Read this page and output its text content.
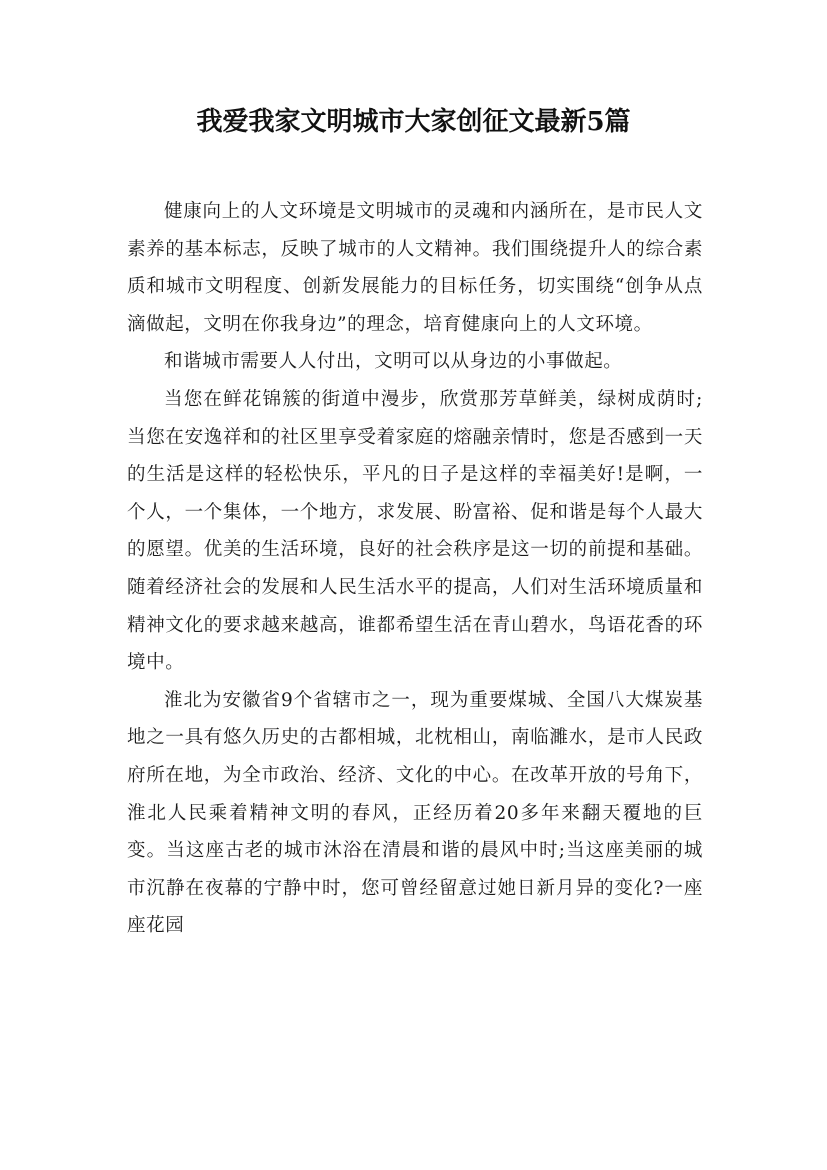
我爱我家文明城市大家创征文最新5篇

健康向上的人文环境是文明城市的灵魂和内涵所在，是市民人文素养的基本标志，反映了城市的人文精神。我们围绕提升人的综合素质和城市文明程度、创新发展能力的目标任务，切实围绕“创争从点滴做起，文明在你我身边”的理念，培育健康向上的人文环境。

和谐城市需要人人付出，文明可以从身边的小事做起。

当您在鲜花锦簇的街道中漫步，欣赏那芳草鲜美，绿树成荫时;当您在安逸祥和的社区里享受着家庭的熔融亲情时，您是否感到一天的生活是这样的轻松快乐，平凡的日子是这样的幸福美好!是啊，一个人，一个集体，一个地方，求发展、盼富裕、促和谐是每个人最大的愿望。优美的生活环境，良好的社会秩序是这一切的前提和基础。随着经济社会的发展和人民生活水平的提高，人们对生活环境质量和精神文化的要求越来越高，谁都希望生活在青山碧水，鸟语花香的环境中。

淮北为安徽省9个省辖市之一，现为重要煤城、全国八大煤炭基地之一具有悠久历史的古都相城，北枕相山，南临濉水，是市人民政府所在地，为全市政治、经济、文化的中心。在改革开放的号角下，淮北人民乘着精神文明的春风，正经历着20多年来翻天覆地的巨变。当这座古老的城市沐浴在清晨和谐的晨风中时;当这座美丽的城市沉静在夜幕的宁静中时，您可曾经留意过她日新月异的变化?一座座花园
